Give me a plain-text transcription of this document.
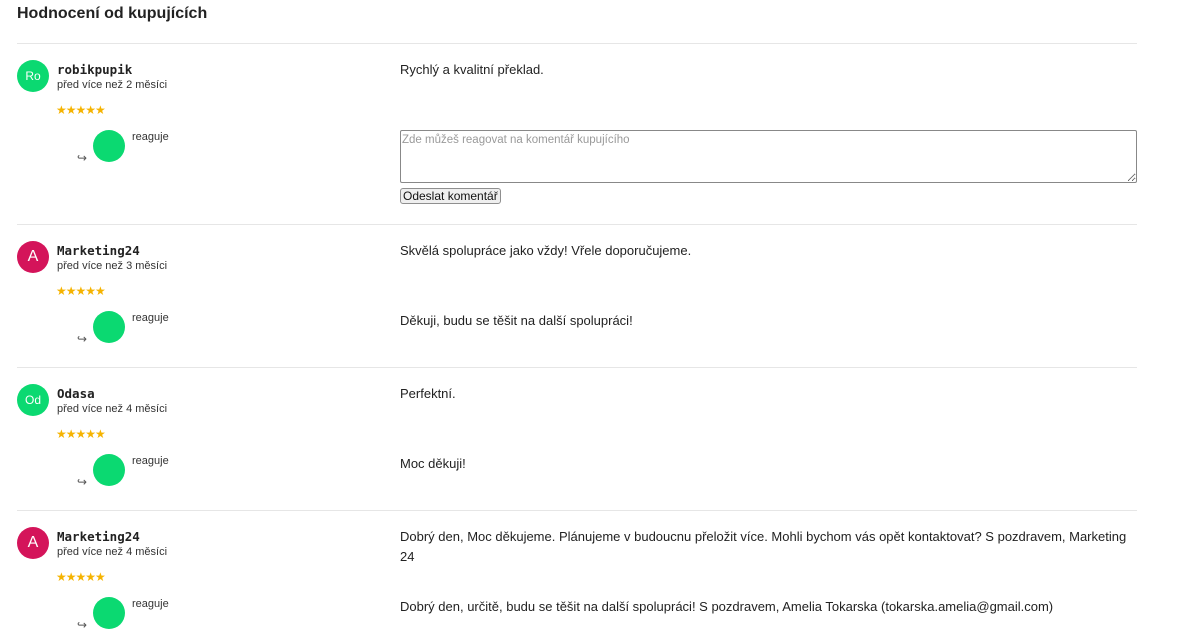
Hodnocení od kupujících
Ro robikpupik
před více než 2 měsíci
★★★★★
↪
reaguje
Rychlý a kvalitní překlad.
Zde můžeš reagovat na komentář kupujícího
Odeslat komentář
A Marketing24
před více než 3 měsíci
★★★★★
↪
reaguje
Skvělá spolupráce jako vždy! Vřele doporučujeme.
Děkuji, budu se těšit na další spolupráci!
Od Odasa
před více než 4 měsíci
★★★★★
↪
reaguje
Perfektní.
Moc děkuji!
A Marketing24
před více než 4 měsíci
★★★★★
↪
reaguje
Dobrý den, Moc děkujeme. Plánujeme v budoucnu přeložit více. Mohli bychom vás opět kontaktovat? S pozdravem, Marketing 24
Dobrý den, určitě, budu se těšit na další spolupráci! S pozdravem, Amelia Tokarska (tokarska.amelia@gmail.com)
